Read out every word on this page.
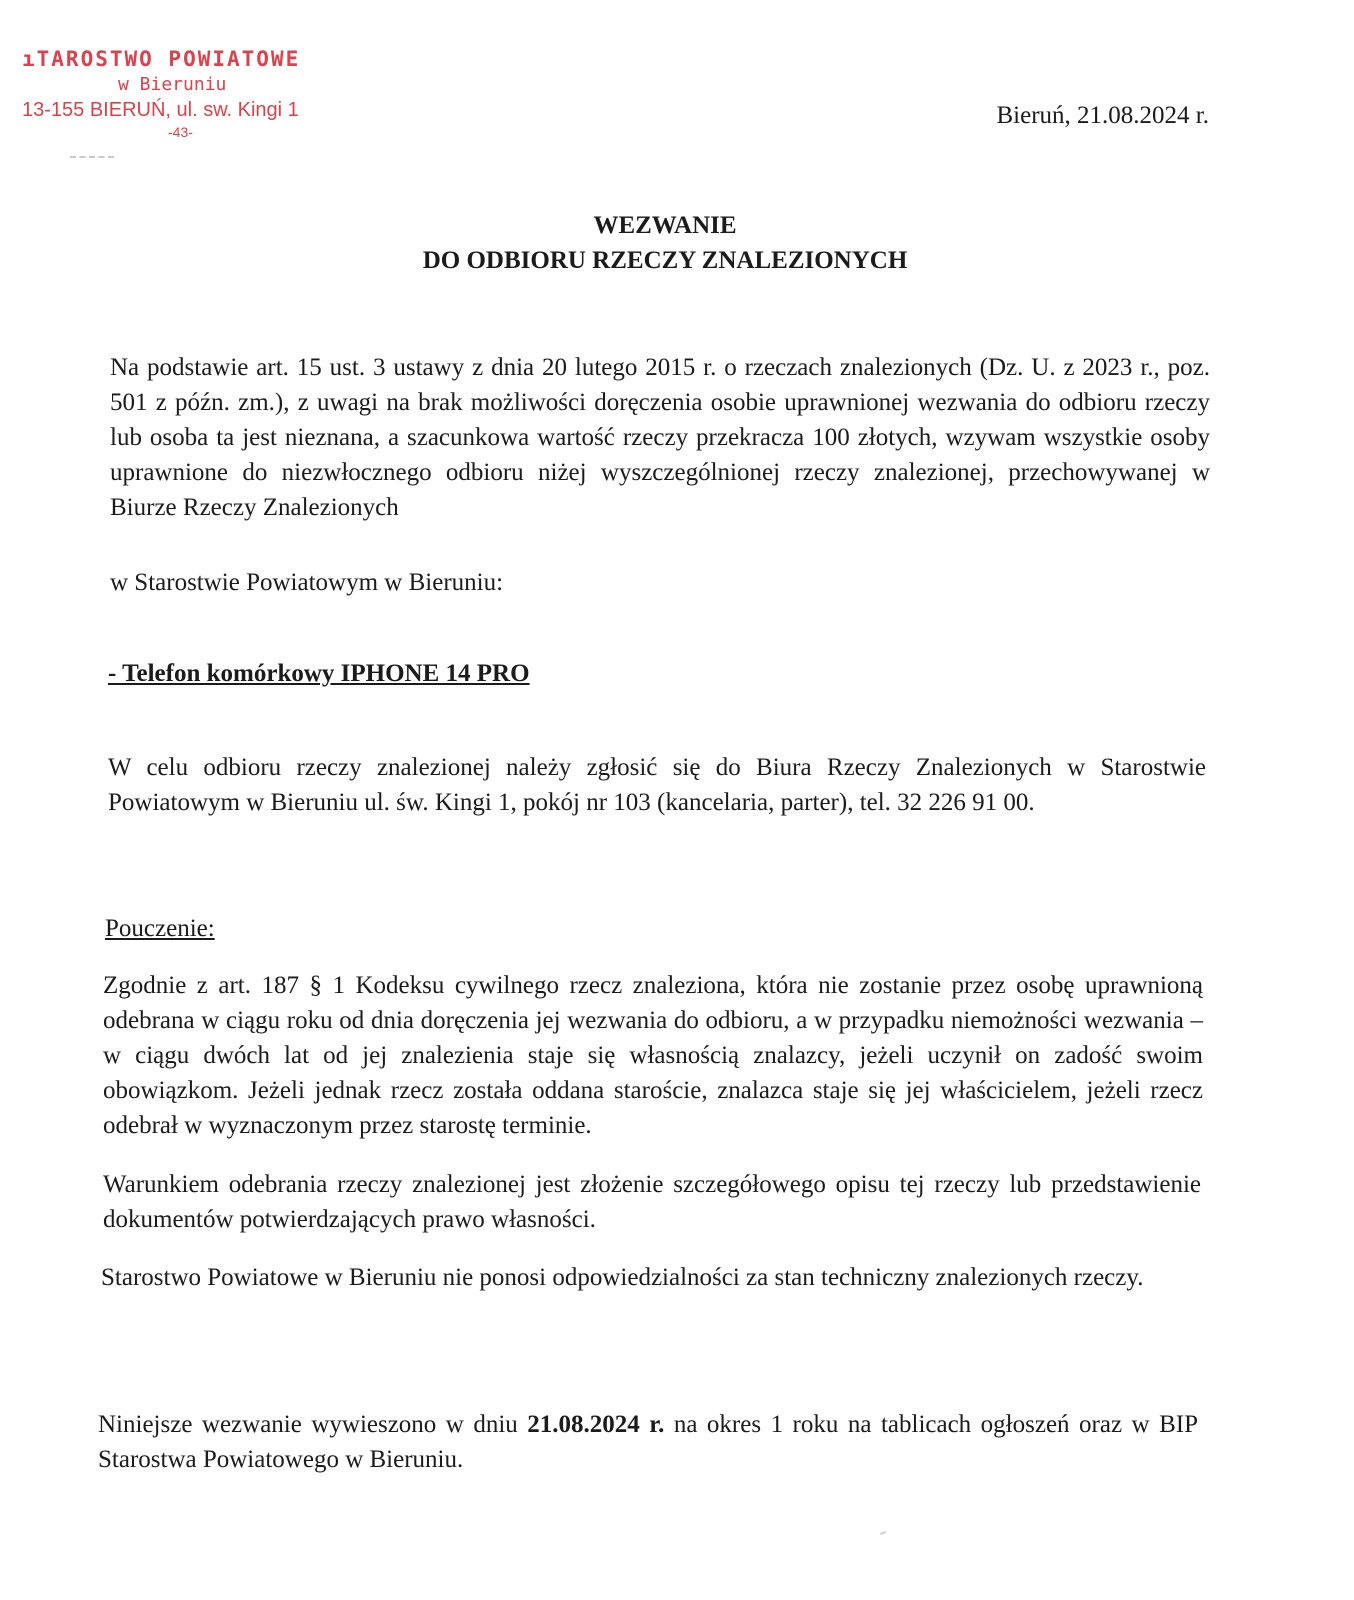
ıTAROSTWO POWIATOWE
w Bieruniu
13-155 BIERUŃ, ul. sw. Kingi 1
-43-
Bieruń, 21.08.2024 r.
WEZWANIE
DO ODBIORU RZECZY ZNALEZIONYCH

Na podstawie art. 15 ust. 3 ustawy z dnia 20 lutego 2015 r. o rzeczach znalezionych (Dz. U. z 2023 r., poz. 501 z późn. zm.), z uwagi na brak możliwości doręczenia osobie uprawnionej wezwania do odbioru rzeczy lub osoba ta jest nieznana, a szacunkowa wartość rzeczy przekracza 100 złotych, wzywam wszystkie osoby uprawnione do niezwłocznego odbioru niżej wyszczególnionej rzeczy znalezionej, przechowywanej w Biurze Rzeczy Znalezionych

w Starostwie Powiatowym w Bieruniu:
- Telefon komórkowy IPHONE 14 PRO

W celu odbioru rzeczy znalezionej należy zgłosić się do Biura Rzeczy Znalezionych w Starostwie Powiatowym w Bieruniu ul. św. Kingi 1, pokój nr 103 (kancelaria, parter), tel. 32 226 91 00.

Pouczenie:

Zgodnie z art. 187 § 1 Kodeksu cywilnego rzecz znaleziona, która nie zostanie przez osobę uprawnioną odebrana w ciągu roku od dnia doręczenia jej wezwania do odbioru, a w przypadku niemożności wezwania – w ciągu dwóch lat od jej znalezienia staje się własnością znalazcy, jeżeli uczynił on zadość swoim obowiązkom. Jeżeli jednak rzecz została oddana staroście, znalazca staje się jej właścicielem, jeżeli rzecz odebrał w wyznaczonym przez starostę terminie.

Warunkiem odebrania rzeczy znalezionej jest złożenie szczegółowego opisu tej rzeczy lub przedstawienie dokumentów potwierdzających prawo własności.

Starostwo Powiatowe w Bieruniu nie ponosi odpowiedzialności za stan techniczny znalezionych rzeczy.

Niniejsze wezwanie wywieszono w dniu 21.08.2024 r. na okres 1 roku na tablicach ogłoszeń oraz w BIP Starostwa Powiatowego w Bieruniu.
